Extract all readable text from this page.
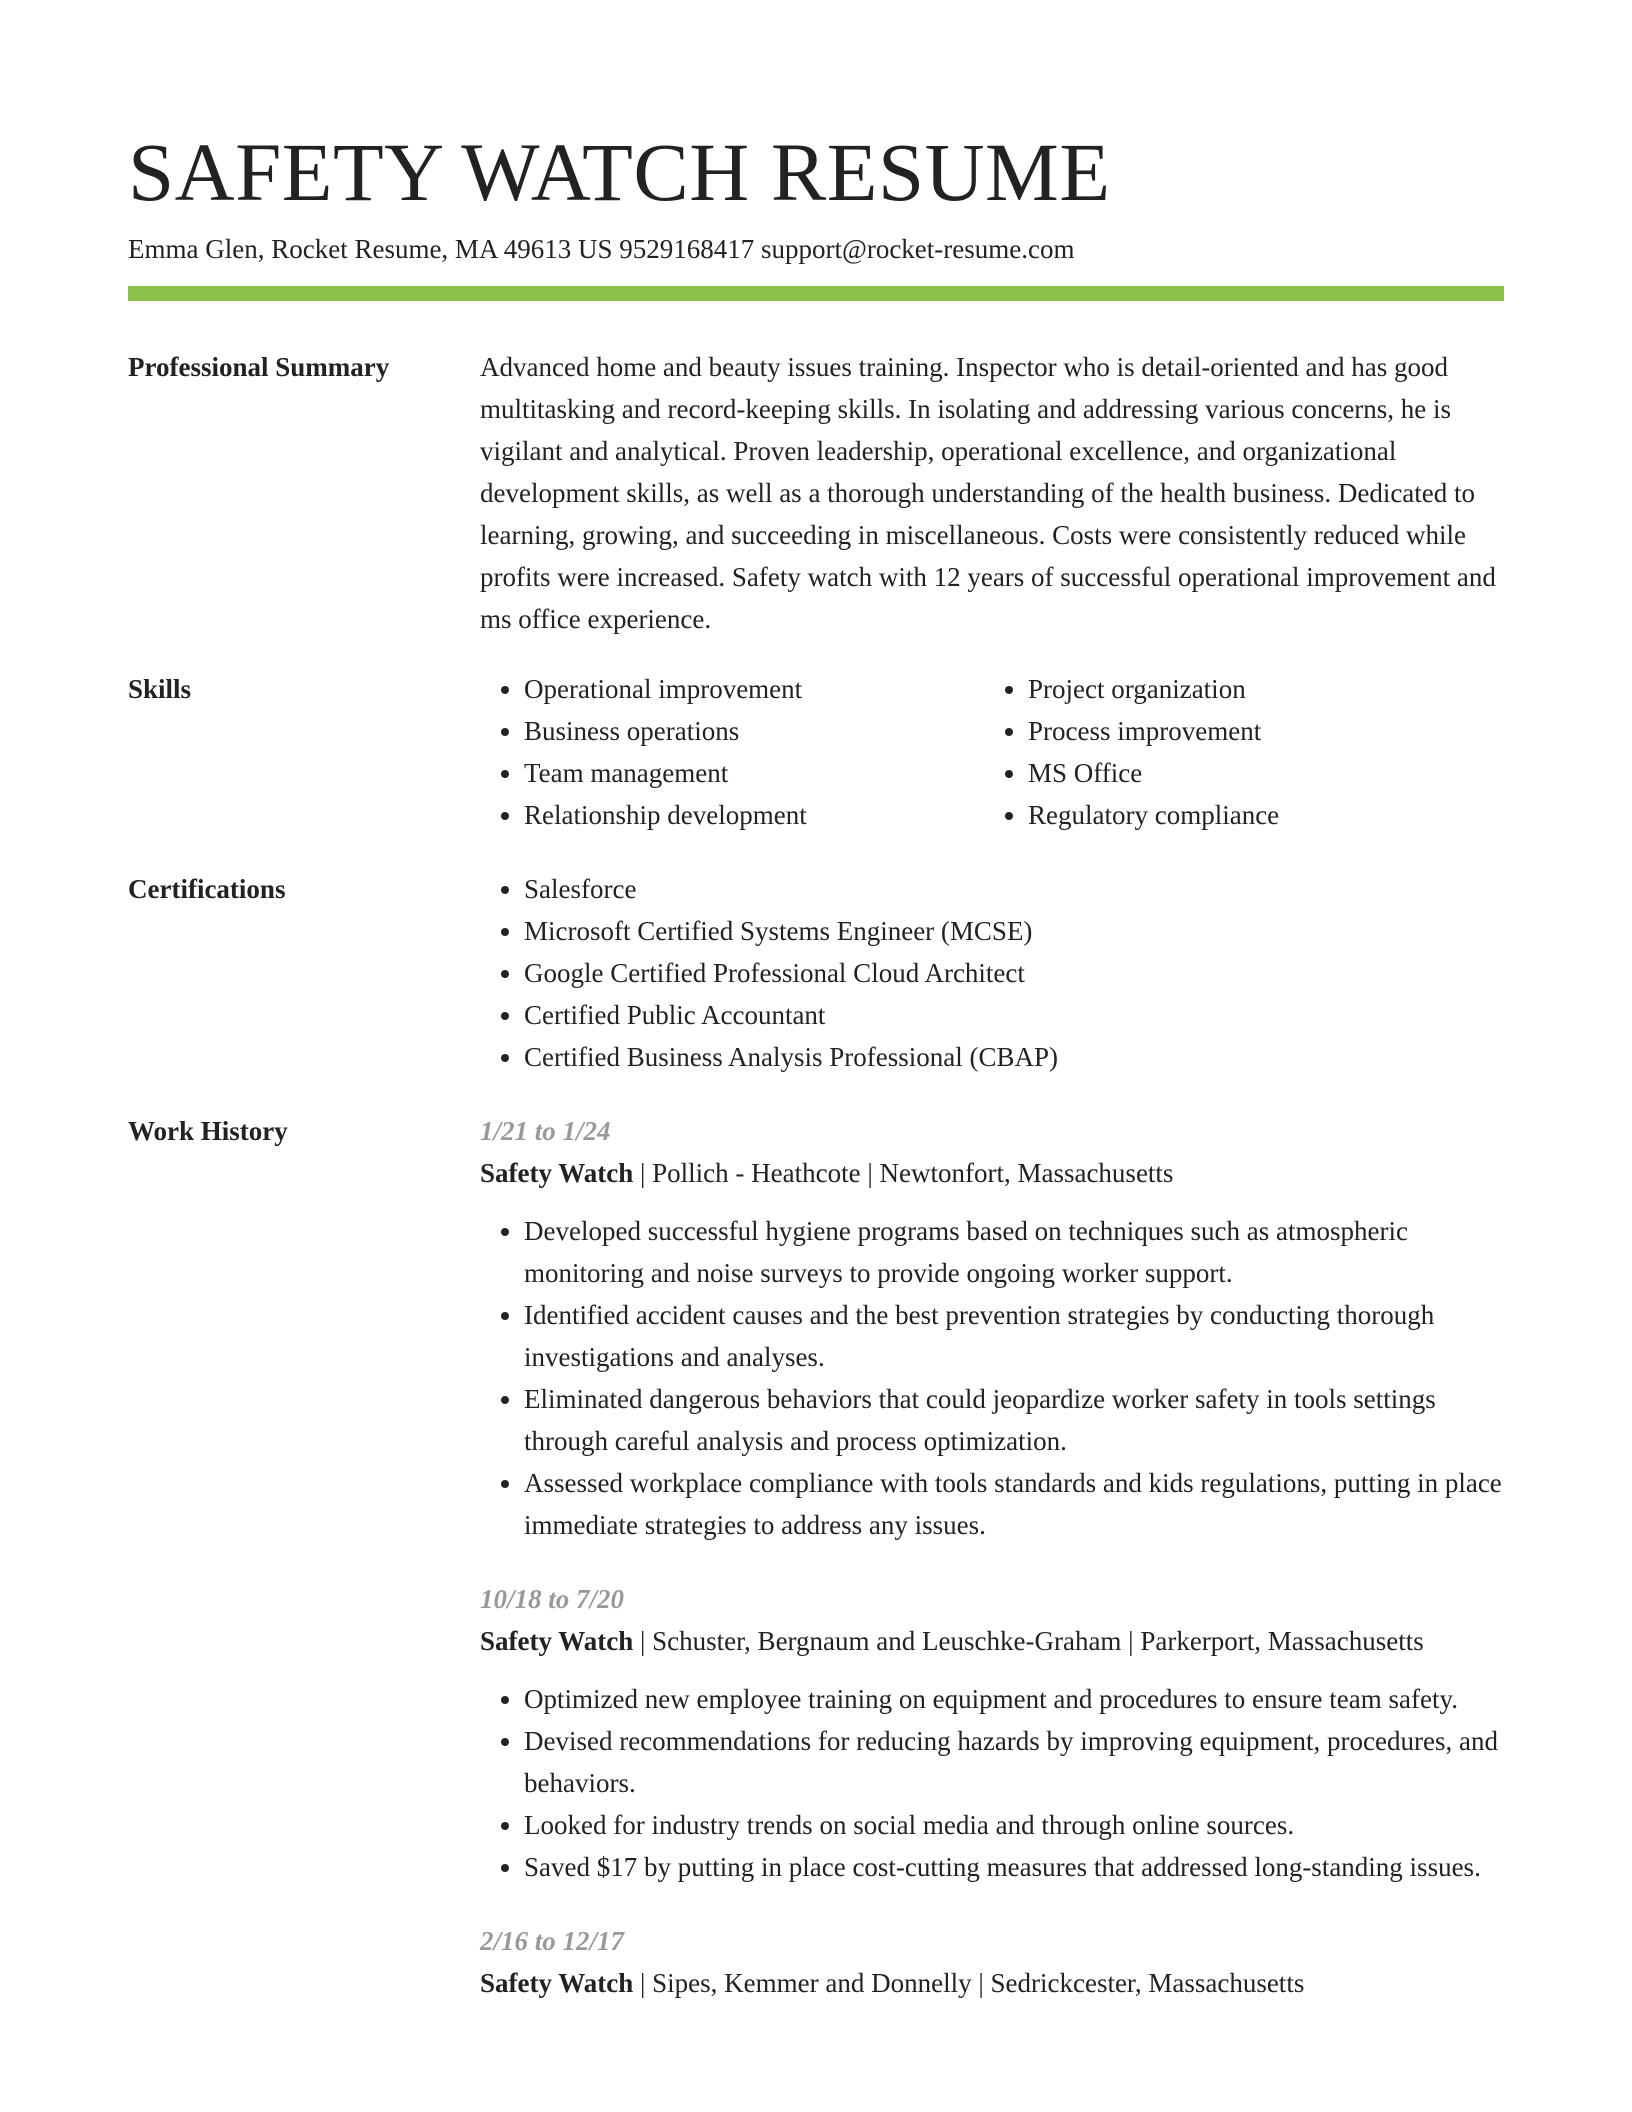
SAFETY WATCH RESUME
Emma Glen, Rocket Resume, MA 49613 US 9529168417 support@rocket-resume.com
Professional Summary	Advanced home and beauty issues training. Inspector who is detail-oriented and has good multitasking and record-keeping skills. In isolating and addressing various concerns, he is vigilant and analytical. Proven leadership, operational excellence, and organizational development skills, as well as a thorough understanding of the health business. Dedicated to learning, growing, and succeeding in miscellaneous. Costs were consistently reduced while profits were increased. Safety watch with 12 years of successful operational improvement and ms office experience.

Skills	• Operational improvement
• Business operations
• Team management
• Relationship development
• Project organization
• Process improvement
• MS Office
• Regulatory compliance
Certifications	• Salesforce
• Microsoft Certified Systems Engineer (MCSE)
• Google Certified Professional Cloud Architect
• Certified Public Accountant
• Certified Business Analysis Professional (CBAP)
Work History	1/21 to 1/24
Safety Watch | Pollich - Heathcote | Newtonfort, Massachusetts
• Developed successful hygiene programs based on techniques such as atmospheric monitoring and noise surveys to provide ongoing worker support.
• Identified accident causes and the best prevention strategies by conducting thorough investigations and analyses.
• Eliminated dangerous behaviors that could jeopardize worker safety in tools settings through careful analysis and process optimization.
• Assessed workplace compliance with tools standards and kids regulations, putting in place immediate strategies to address any issues.
10/18 to 7/20
Safety Watch | Schuster, Bergnaum and Leuschke-Graham | Parkerport, Massachusetts
• Optimized new employee training on equipment and procedures to ensure team safety.
• Devised recommendations for reducing hazards by improving equipment, procedures, and behaviors.
• Looked for industry trends on social media and through online sources.
• Saved $17 by putting in place cost-cutting measures that addressed long-standing issues.
2/16 to 12/17
Safety Watch | Sipes, Kemmer and Donnelly | Sedrickcester, Massachusetts
